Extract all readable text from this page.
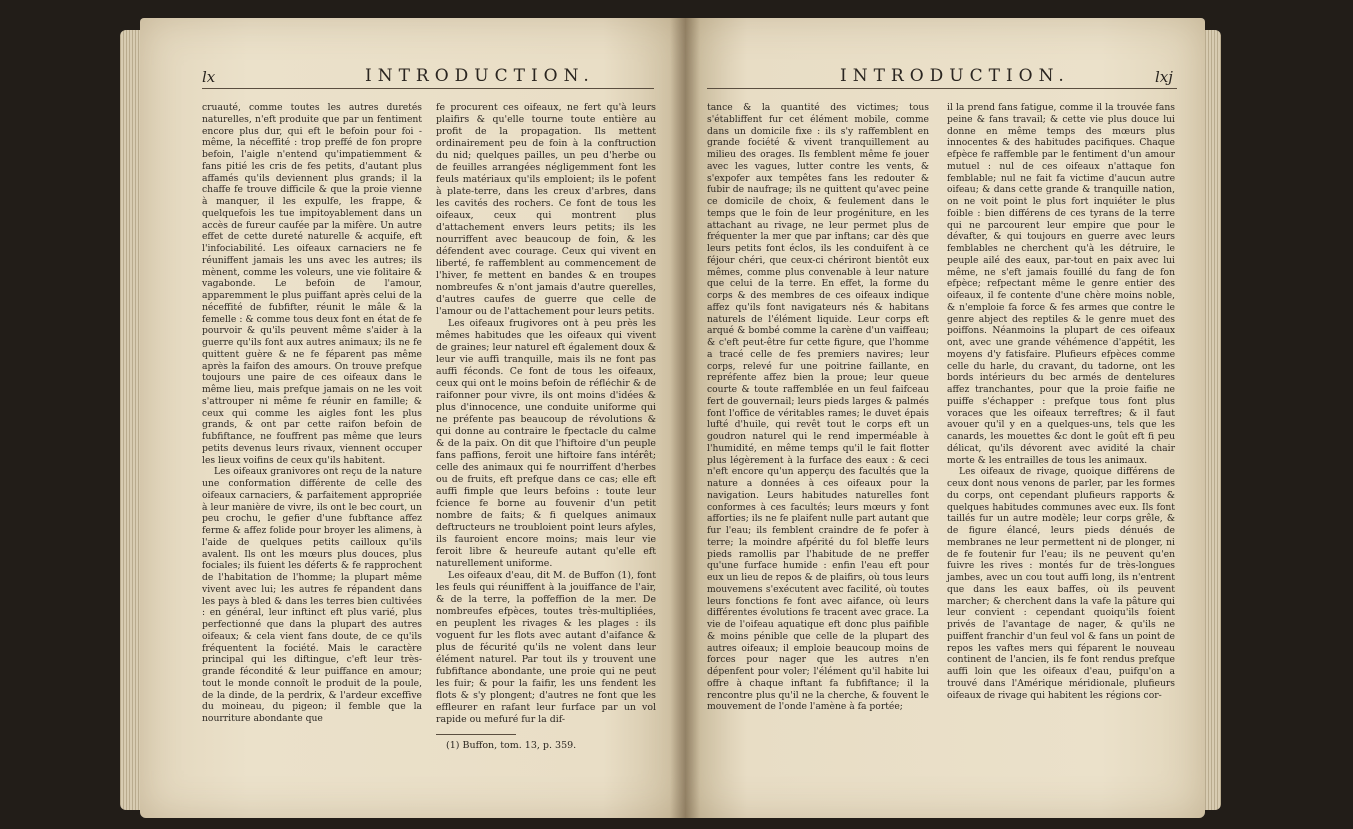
lx	INTRODUCTION.

cruauté, comme toutes les autres duretés naturelles, n'eft produite que par un fentiment encore plus dur, qui eft le befoin pour foi - même, la néceffité : trop preffé de fon propre befoin, l'aigle n'entend qu'impatiemment & fans pitié les cris de fes petits, d'autant plus affamés qu'ils deviennent plus grands; il la chaffe fe trouve difficile & que la proie vienne à manquer, il les expulfe, les frappe, & quelquefois les tue impitoyablement dans un accès de fureur caufée par la mifère. Un autre effet de cette dureté naturelle & acquife, eft l'infociabilité. Les oifeaux carnaciers ne fe réuniffent jamais les uns avec les autres; ils mènent, comme les voleurs, une vie folitaire & vagabonde. Le befoin de l'amour, apparemment le plus puiffant après celui de la néceffité de fubfifter, réunit le mâle & la femelle : & comme tous deux font en état de fe pourvoir & qu'ils peuvent même s'aider à la guerre qu'ils font aux autres animaux; ils ne fe quittent guère & ne fe féparent pas même après la faifon des amours. On trouve prefque toujours une paire de ces oifeaux dans le même lieu, mais prefque jamais on ne les voit s'attrouper ni même fe réunir en famille; & ceux qui comme les aigles font les plus grands, & ont par cette raifon befoin de fubfiftance, ne fouffrent pas même que leurs petits devenus leurs rivaux, viennent occuper les lieux voifins de ceux qu'ils habitent.

Les oifeaux granivores ont reçu de la nature une conformation différente de celle des oifeaux carnaciers, & parfaitement appropriée à leur manière de vivre, ils ont le bec court, un peu crochu, le gefier d'une fubftance affez ferme & affez folide pour broyer les alimens, à l'aide de quelques petits cailloux qu'ils avalent. Ils ont les mœurs plus douces, plus fociales; ils fuient les déferts & fe rapprochent de l'habitation de l'homme; la plupart même vivent avec lui; les autres fe répandent dans les pays à bled & dans les terres bien cultivées : en général, leur inftinct eft plus varié, plus perfectionné que dans la plupart des autres oifeaux; & cela vient fans doute, de ce qu'ils fréquentent la fociété. Mais le caractère principal qui les diftingue, c'eft leur très-grande fécondité & leur puiffance en amour; tout le monde connoît le produit de la poule, de la dinde, de la perdrix, & l'ardeur exceffive du moineau, du pigeon; il femble que la nourriture abondante que

fe procurent ces oifeaux, ne fert qu'à leurs plaifirs & qu'elle tourne toute entière au profit de la propagation. Ils mettent ordinairement peu de foin à la conftruction du nid; quelques pailles, un peu d'herbe ou de feuilles arrangées négligemment font les feuls matériaux qu'ils emploient; ils le pofent à plate-terre, dans les creux d'arbres, dans les cavités des rochers. Ce font de tous les oifeaux, ceux qui montrent plus d'attachement envers leurs petits; ils les nourriffent avec beaucoup de foin, & les défendent avec courage. Ceux qui vivent en liberté, fe raffemblent au commencement de l'hiver, fe mettent en bandes & en troupes nombreufes & n'ont jamais d'autre querelles, d'autres caufes de guerre que celle de l'amour ou de l'attachement pour leurs petits.

Les oifeaux frugivores ont à peu près les mêmes habitudes que les oifeaux qui vivent de graines; leur naturel eft également doux & leur vie auffi tranquille, mais ils ne font pas auffi féconds. Ce font de tous les oifeaux, ceux qui ont le moins befoin de réfléchir & de raifonner pour vivre, ils ont moins d'idées & plus d'innocence, une conduite uniforme qui ne préfente pas beaucoup de révolutions & qui donne au contraire le fpectacle du calme & de la paix. On dit que l'hiftoire d'un peuple fans paffions, feroit une hiftoire fans intérêt; celle des animaux qui fe nourriffent d'herbes ou de fruits, eft prefque dans ce cas; elle eft auffi fimple que leurs befoins : toute leur fcience fe borne au fouvenir d'un petit nombre de faits; & fi quelques animaux deftructeurs ne troubloient point leurs afyles, ils fauroient encore moins; mais leur vie feroit libre & heureufe autant qu'elle eft naturellement uniforme.

Les oifeaux d'eau, dit M. de Buffon (1), font les feuls qui réuniffent à la jouiffance de l'air, & de la terre, la poffeffion de la mer. De nombreufes efpèces, toutes très-multipliées, en peuplent les rivages & les plages : ils voguent fur les flots avec autant d'aifance & plus de fécurité qu'ils ne volent dans leur élément naturel. Par tout ils y trouvent une fubfiftance abondante, une proie qui ne peut les fuir; & pour la faifir, les uns fendent les flots & s'y plongent; d'autres ne font que les effleurer en rafant leur furface par un vol rapide ou mefuré fur la dif-

(1) Buffon, tom. 13, p. 359.
INTRODUCTION.	lxj

tance & la quantité des victimes; tous s'établiffent fur cet élément mobile, comme dans un domicile fixe : ils s'y raffemblent en grande fociété & vivent tranquillement au milieu des orages. Ils femblent même fe jouer avec les vagues, lutter contre les vents, & s'expofer aux tempêtes fans les redouter & fubir de naufrage; ils ne quittent qu'avec peine ce domicile de choix, & feulement dans le temps que le foin de leur progéniture, en les attachant au rivage, ne leur permet plus de fréquenter la mer que par inftans; car dès que leurs petits font éclos, ils les conduifent à ce féjour chéri, que ceux-ci chériront bientôt eux mêmes, comme plus convenable à leur nature que celui de la terre. En effet, la forme du corps & des membres de ces oifeaux indique affez qu'ils font navigateurs nés & habitans naturels de l'élément liquide. Leur corps eft arqué & bombé comme la carène d'un vaiffeau; & c'eft peut-être fur cette figure, que l'homme a tracé celle de fes premiers navires; leur corps, relevé fur une poitrine faillante, en repréfente affez bien la proue; leur queue courte & toute raffemblée en un feul faifceau fert de gouvernail; leurs pieds larges & palmés font l'office de véritables rames; le duvet épais lufté d'huile, qui revêt tout le corps eft un goudron naturel qui le rend imperméable à l'humidité, en même temps qu'il le fait flotter plus légèrement à la furface des eaux : & ceci n'eft encore qu'un apperçu des facultés que la nature a données à ces oifeaux pour la navigation. Leurs habitudes naturelles font conformes à ces facultés; leurs mœurs y font afforties; ils ne fe plaifent nulle part autant que fur l'eau; ils femblent craindre de fe pofer à terre; la moindre afpérité du fol bleffe leurs pieds ramollis par l'habitude de ne preffer qu'une furface humide : enfin l'eau eft pour eux un lieu de repos & de plaifirs, où tous leurs mouvemens s'exécutent avec facilité, où toutes leurs fonctions fe font avec aifance, où leurs différentes évolutions fe tracent avec grace. La vie de l'oifeau aquatique eft donc plus paifible & moins pénible que celle de la plupart des autres oifeaux; il emploie beaucoup moins de forces pour nager que les autres n'en dépenfent pour voler; l'élément qu'il habite lui offre à chaque inftant fa fubfiftance; il la rencontre plus qu'il ne la cherche, & fouvent le mouvement de l'onde l'amène à fa portée;

il la prend fans fatigue, comme il la trouvée fans peine & fans travail; & cette vie plus douce lui donne en même temps des mœurs plus innocentes & des habitudes pacifiques. Chaque efpèce fe raffemble par le fentiment d'un amour mutuel : nul de ces oifeaux n'attaque fon femblable; nul ne fait fa victime d'aucun autre oifeau; & dans cette grande & tranquille nation, on ne voit point le plus fort inquiéter le plus foible : bien différens de ces tyrans de la terre qui ne parcourent leur empire que pour le dévafter, & qui toujours en guerre avec leurs femblables ne cherchent qu'à les détruire, le peuple ailé des eaux, par-tout en paix avec lui même, ne s'eft jamais fouillé du fang de fon efpèce; refpectant même le genre entier des oifeaux, il fe contente d'une chère moins noble, & n'emploie fa force & fes armes que contre le genre abject des reptiles & le genre muet des poiffons. Néanmoins la plupart de ces oifeaux ont, avec une grande véhémence d'appétit, les moyens d'y fatisfaire. Plufieurs efpèces comme celle du harle, du cravant, du tadorne, ont les bords intérieurs du bec armés de dentelures affez tranchantes, pour que la proie faifie ne puiffe s'échapper : prefque tous font plus voraces que les oifeaux terreftres; & il faut avouer qu'il y en a quelques-uns, tels que les canards, les mouettes &c dont le goût eft fi peu délicat, qu'ils dévorent avec avidité la chair morte & les entrailles de tous les animaux.

Les oifeaux de rivage, quoique différens de ceux dont nous venons de parler, par les formes du corps, ont cependant plufieurs rapports & quelques habitudes communes avec eux. Ils font taillés fur un autre modèle; leur corps grêle, & de figure élancé, leurs pieds dénués de membranes ne leur permettent ni de plonger, ni de fe foutenir fur l'eau; ils ne peuvent qu'en fuivre les rives : montés fur de très-longues jambes, avec un cou tout auffi long, ils n'entrent que dans les eaux baffes, où ils peuvent marcher; & cherchent dans la vafe la pâture qui leur convient : cependant quoiqu'ils foient privés de l'avantage de nager, & qu'ils ne puiffent franchir d'un feul vol & fans un point de repos les vaftes mers qui féparent le nouveau continent de l'ancien, ils fe font rendus prefque auffi loin que les oifeaux d'eau, puifqu'on a trouvé dans l'Amérique méridionale, plufieurs oifeaux de rivage qui habitent les régions cor-
